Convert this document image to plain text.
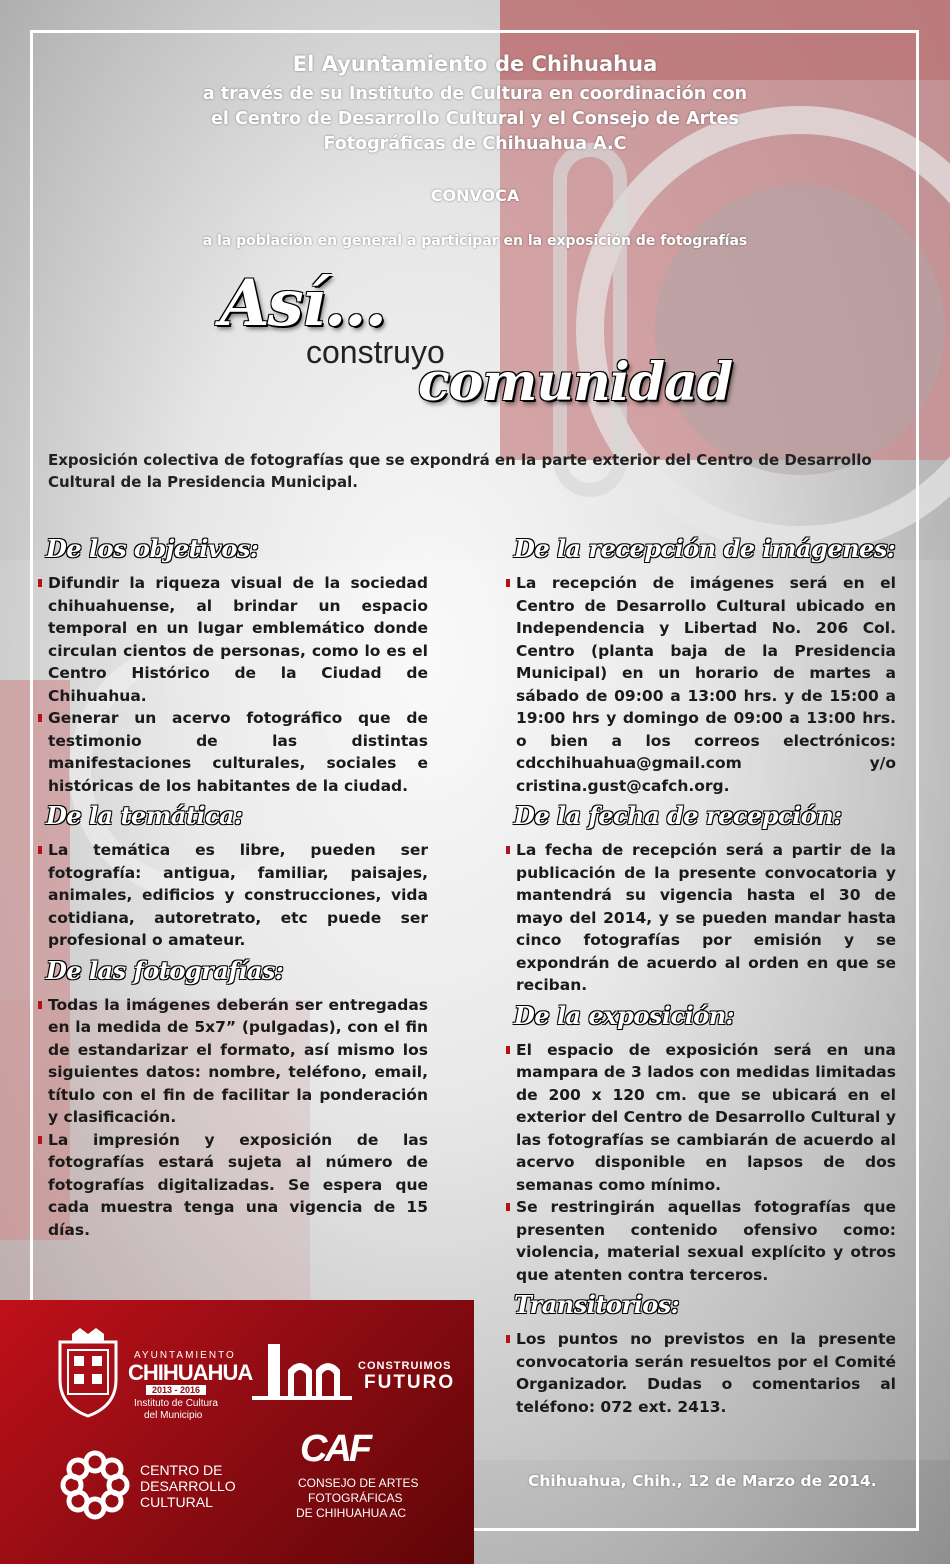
El Ayuntamiento de Chihuahua
a través de su Instituto de Cultura en coordinación con
el Centro de Desarrollo Cultural y el Consejo de Artes
Fotográficas de Chihuahua A.C
CONVOCA
a la población en general a participar en la exposición de fotografías
Así...
construyo
comunidad
Exposición colectiva de fotografías que se expondrá en la parte exterior del Centro de Desarrollo Cultural de la Presidencia Municipal.
De los objetivos:
Difundir la riqueza visual de la sociedad chihuahuense, al brindar un espacio temporal en un lugar emblemático donde circulan cientos de personas, como lo es el Centro Histórico de la Ciudad de Chihuahua.
Generar un acervo fotográfico que de testimonio de las distintas manifestaciones culturales, sociales e históricas de los habitantes de la ciudad.
De la temática:
La temática es libre, pueden ser fotografía: antigua, familiar, paisajes, animales, edificios y construcciones, vida cotidiana, autoretrato, etc puede ser profesional o amateur.
De las fotografías:
Todas la imágenes deberán ser entregadas en la medida de 5x7” (pulgadas), con el fin de estandarizar el formato, así mismo los siguientes datos: nombre, teléfono, email, título con el fin de facilitar la ponderación y clasificación.
La impresión y exposición de las fotografías estará sujeta al número de fotografías digitalizadas. Se espera que cada muestra tenga una vigencia de 15 días.
De la recepción de imágenes:
La recepción de imágenes será en el Centro de Desarrollo Cultural ubicado en Independencia y Libertad No. 206 Col. Centro (planta baja de la Presidencia Municipal) en un horario de martes a sábado de 09:00 a 13:00 hrs. y de 15:00 a 19:00 hrs y domingo de 09:00 a 13:00 hrs. o bien a los correos electrónicos: cdcchihuahua@gmail.com y/o cristina.gust@cafch.org.
De la fecha de recepción:
La fecha de recepción será a partir de la publicación de la presente convocatoria y mantendrá su vigencia hasta el 30 de mayo del 2014, y se pueden mandar hasta cinco fotografías por emisión y se expondrán de acuerdo al orden en que se reciban.
De la exposición:
El espacio de exposición será en una mampara de 3 lados con medidas limitadas de 200 x 120 cm. que se ubicará en el exterior del Centro de Desarrollo Cultural y las fotografías se cambiarán de acuerdo al acervo disponible en lapsos de dos semanas como mínimo.
Se restringirán aquellas fotografías que presenten contenido ofensivo como: violencia, material sexual explícito y otros que atenten contra terceros.
Transitorios:
Los puntos no previstos en la presente convocatoria serán resueltos por el Comité Organizador. Dudas o comentarios al teléfono: 072 ext. 2413.
AYUNTAMIENTO
CHIHUAHUA
2013 - 2016
Instituto de Cultura
del Municipio
CONSTRUIMOS
FUTURO
CENTRO DE
DESARROLLO
CULTURAL
CAF
CONSEJO DE ARTES
FOTOGRÁFICAS
DE CHIHUAHUA AC
Chihuahua, Chih., 12 de Marzo de 2014.
